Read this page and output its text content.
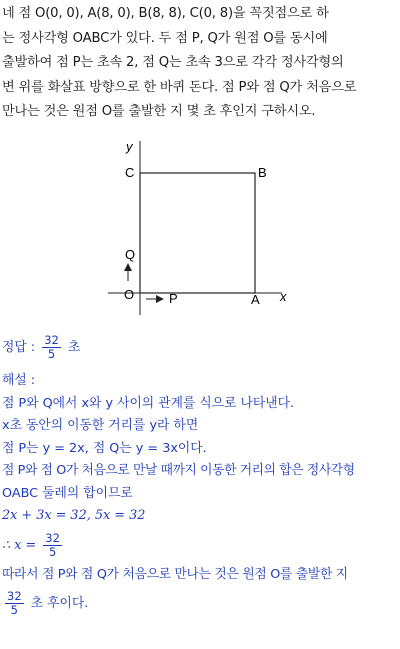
네 점 O(0, 0), A(8, 0), B(8, 8), C(0, 8)을 꼭짓점으로 하

는 정사각형 OABC가 있다. 두 점 P, Q가 원점 O를 동시에

출발하여 점 P는 초속 2, 점 Q는 초속 3으로 각각 정사각형의

변 위를 화살표 방향으로 한 바퀴 돈다. 점 P와 점 Q가 처음으로

만나는 것은 원점 O를 출발한 지 몇 초 후인지 구하시오.

y
x
C	B
Q
O	P	A

정답 : $\frac{32}{5}$ 초

해설 :

점 P와 Q에서 x와 y 사이의 관계를 식으로 나타낸다.

x초 동안의 이동한 거리를 y라 하면

점 P는 y = 2x, 점 Q는 y = 3x이다.

점 P와 점 O가 처음으로 만날 때까지 이동한 거리의 합은 정사각형

OABC 둘레의 합이므로

2x + 3x = 32, 5x = 32

∴ $x = \frac{32}{5}$

따라서 점 P와 점 Q가 처음으로 만나는 것은 원점 O를 출발한 지

$\frac{32}{5}$ 초 후이다.
